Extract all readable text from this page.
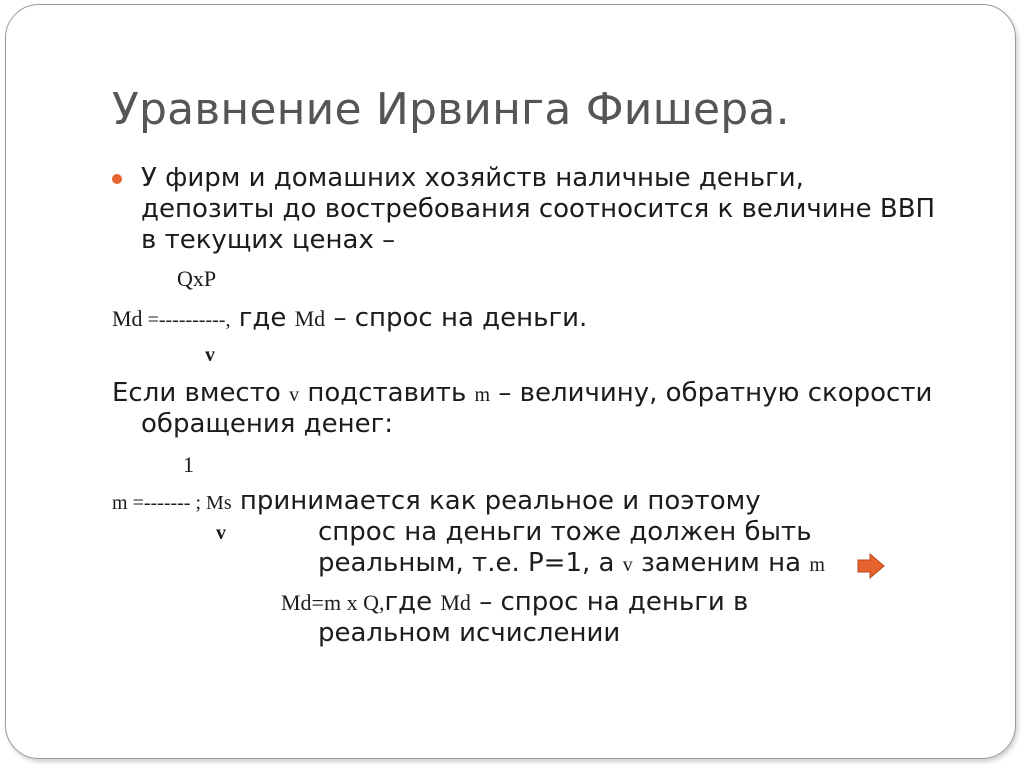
Уравнение Ирвинга Фишера.
У фирм и домашних хозяйств наличные деньги,
депозиты до востребования соотносится к величине ВВП
в текущих ценах –
QxP
Md =----------, где Md – спрос на деньги.
v
Если вместо v подставить m – величину, обратную скорости
обращения денег:
1
m =------- ; Ms принимается как реальное и поэтому
v	спрос на деньги тоже должен быть
реальным, т.е. P=1, а v заменим на m
Md=m x Q,где Md – спрос на деньги в
реальном исчислении
